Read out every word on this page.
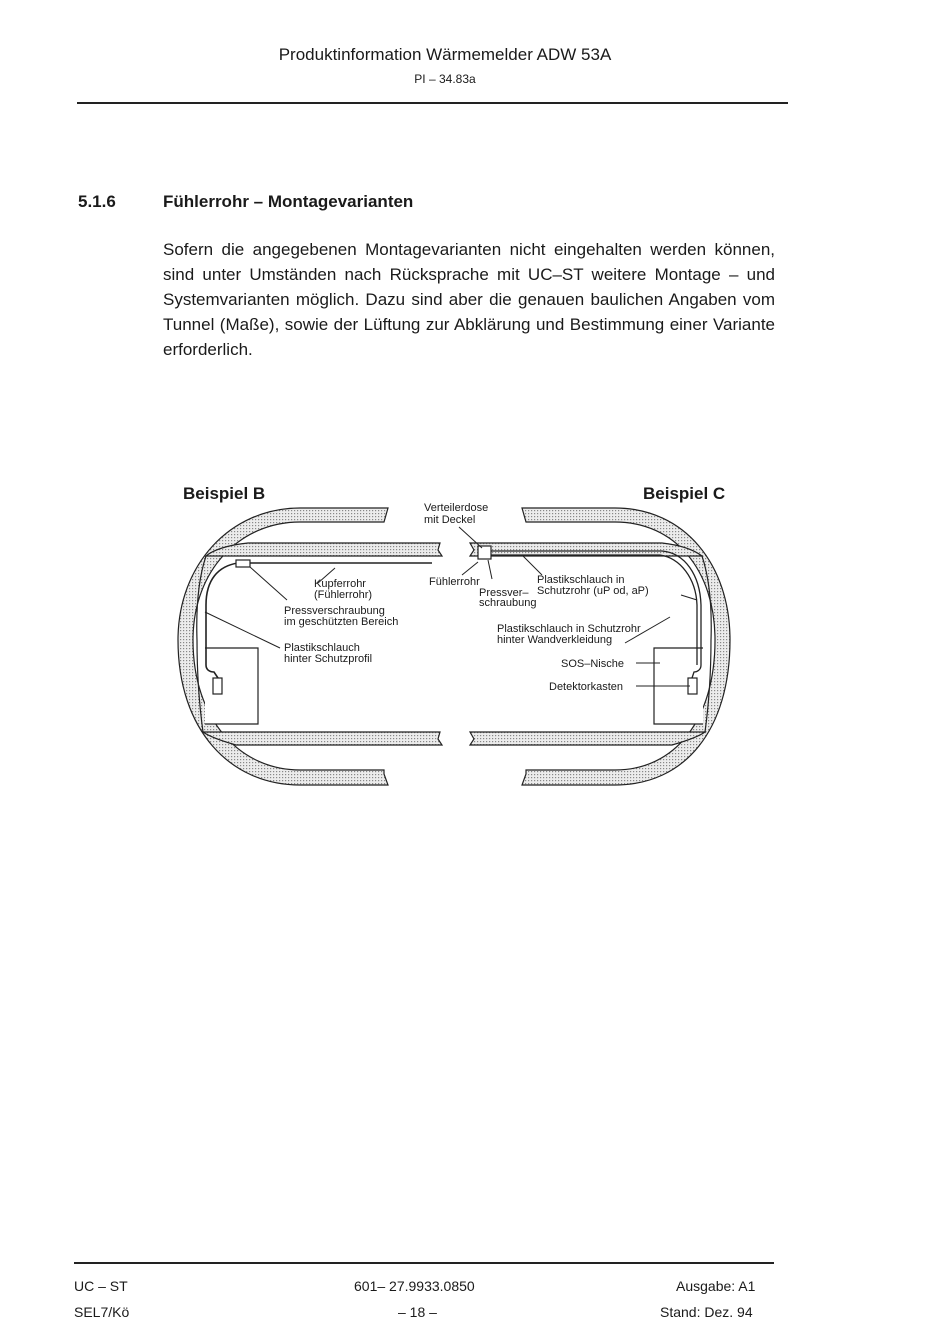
Produktinformation Wärmemelder ADW 53A
PI – 34.83a
5.1.6	Fühlerrohr – Montagevarianten
Sofern die angegebenen Montagevarianten nicht eingehalten werden können, sind unter Umständen nach Rücksprache mit UC–ST weitere Montage – und Systemvarianten möglich. Dazu sind aber die genauen baulichen Angaben vom Tunnel (Maße), sowie der Lüftung zur Abklärung und Bestimmung einer Variante erforderlich.
Beispiel B	Beispiel C
Kupferrohr
(Fühlerrohr)
Pressverschraubung
im geschützten Bereich
Plastikschlauch
hinter Schutzprofil
Verteilerdose
mit Deckel
Fühlerrohr	Plastikschlauch in
Schutzrohr (uP od, aP)
Pressver–
schraubung
Plastikschlauch in Schutzrohr
hinter Wandverkleidung
SOS–Nische
Detektorkasten
UC – ST
SEL7/Kö
601– 27.9933.0850
– 18 –
Ausgabe: A1
Stand: Dez. 94
